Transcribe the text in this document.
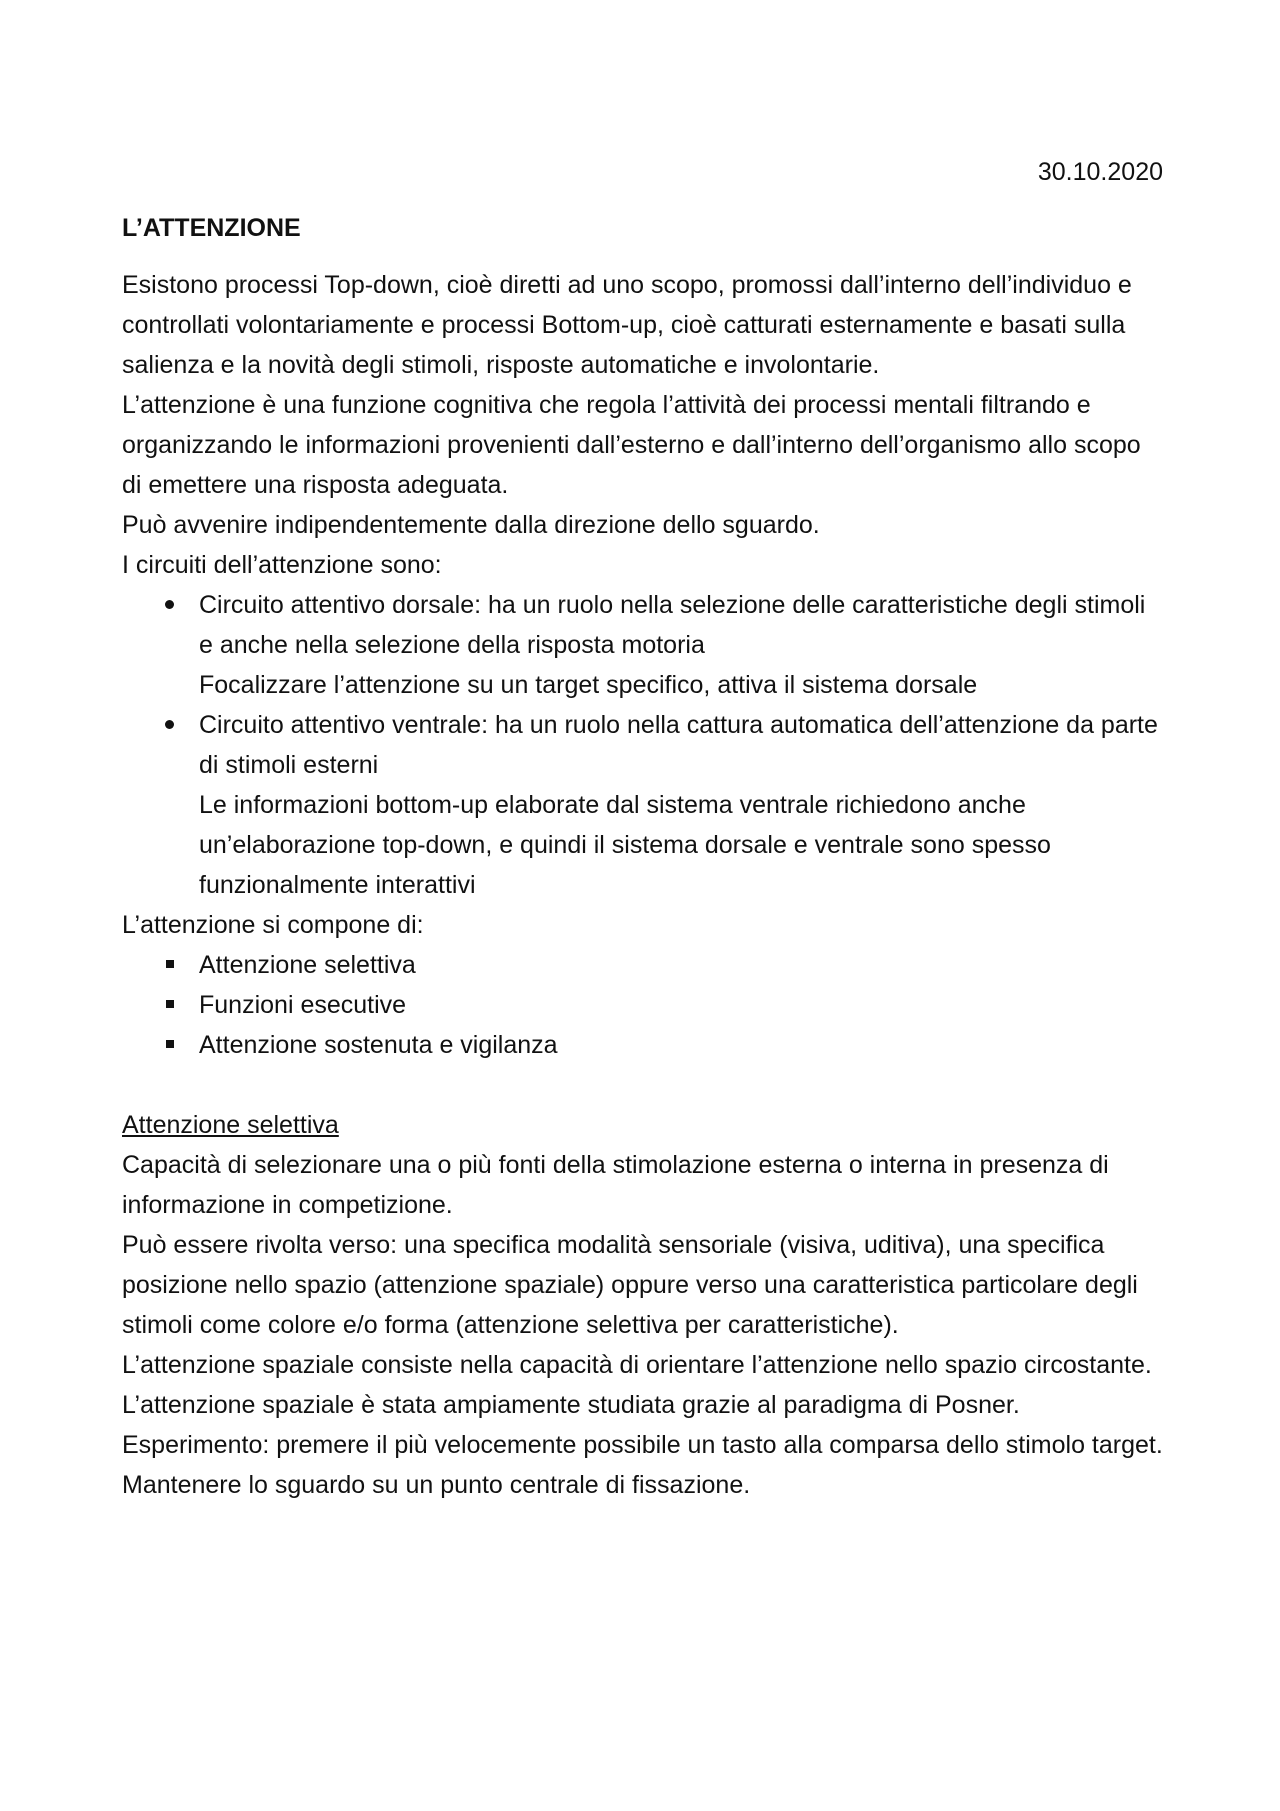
30.10.2020

L’ATTENZIONE

Esistono processi Top-down, cioè diretti ad uno scopo, promossi dall’interno dell’individuo e controllati volontariamente e processi Bottom-up, cioè catturati esternamente e basati sulla salienza e la novità degli stimoli, risposte automatiche e involontarie.

L’attenzione è una funzione cognitiva che regola l’attività dei processi mentali filtrando e organizzando le informazioni provenienti dall’esterno e dall’interno dell’organismo allo scopo di emettere una risposta adeguata.

Può avvenire indipendentemente dalla direzione dello sguardo.

I circuiti dell’attenzione sono:

Circuito attentivo dorsale: ha un ruolo nella selezione delle caratteristiche degli stimoli e anche nella selezione della risposta motoria
Focalizzare l’attenzione su un target specifico, attiva il sistema dorsale
Circuito attentivo ventrale: ha un ruolo nella cattura automatica dell’attenzione da parte di stimoli esterni
Le informazioni bottom-up elaborate dal sistema ventrale richiedono anche un’elaborazione top-down, e quindi il sistema dorsale e ventrale sono spesso funzionalmente interattivi

L’attenzione si compone di:

Attenzione selettiva
Funzioni esecutive
Attenzione sostenuta e vigilanza

Attenzione selettiva

Capacità di selezionare una o più fonti della stimolazione esterna o interna in presenza di informazione in competizione.

Può essere rivolta verso: una specifica modalità sensoriale (visiva, uditiva), una specifica posizione nello spazio (attenzione spaziale) oppure verso una caratteristica particolare degli stimoli come colore e/o forma (attenzione selettiva per caratteristiche).

L’attenzione spaziale consiste nella capacità di orientare l’attenzione nello spazio circostante. L’attenzione spaziale è stata ampiamente studiata grazie al paradigma di Posner.

Esperimento: premere il più velocemente possibile un tasto alla comparsa dello stimolo target. Mantenere lo sguardo su un punto centrale di fissazione.
